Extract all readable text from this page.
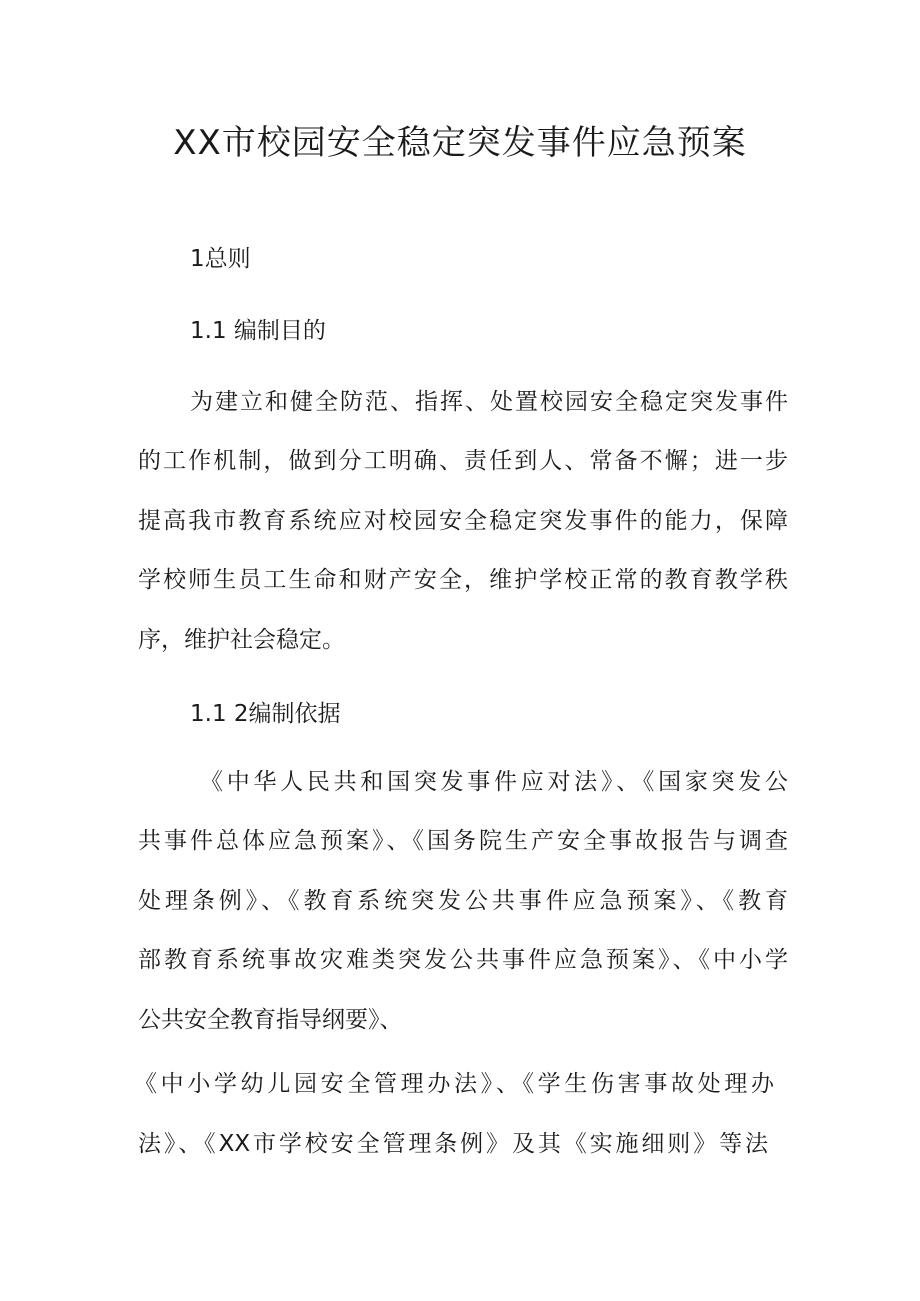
XX市校园安全稳定突发事件应急预案
1总则
1.1 编制目的
为建立和健全防范、指挥、处置校园安全稳定突发事件
的工作机制，做到分工明确、责任到人、常备不懈；进一步
提高我市教育系统应对校园安全稳定突发事件的能力，保障
学校师生员工生命和财产安全，维护学校正常的教育教学秩
序，维护社会稳定。
1.1 2编制依据
《中华人民共和国突发事件应对法》、《国家突发公
共事件总体应急预案》、《国务院生产安全事故报告与调查
处理条例》、《教育系统突发公共事件应急预案》、《教育
部教育系统事故灾难类突发公共事件应急预案》、《中小学
公共安全教育指导纲要》、
《中小学幼儿园安全管理办法》、《学生伤害事故处理办
法》、《XX市学校安全管理条例》及其《实施细则》等法
